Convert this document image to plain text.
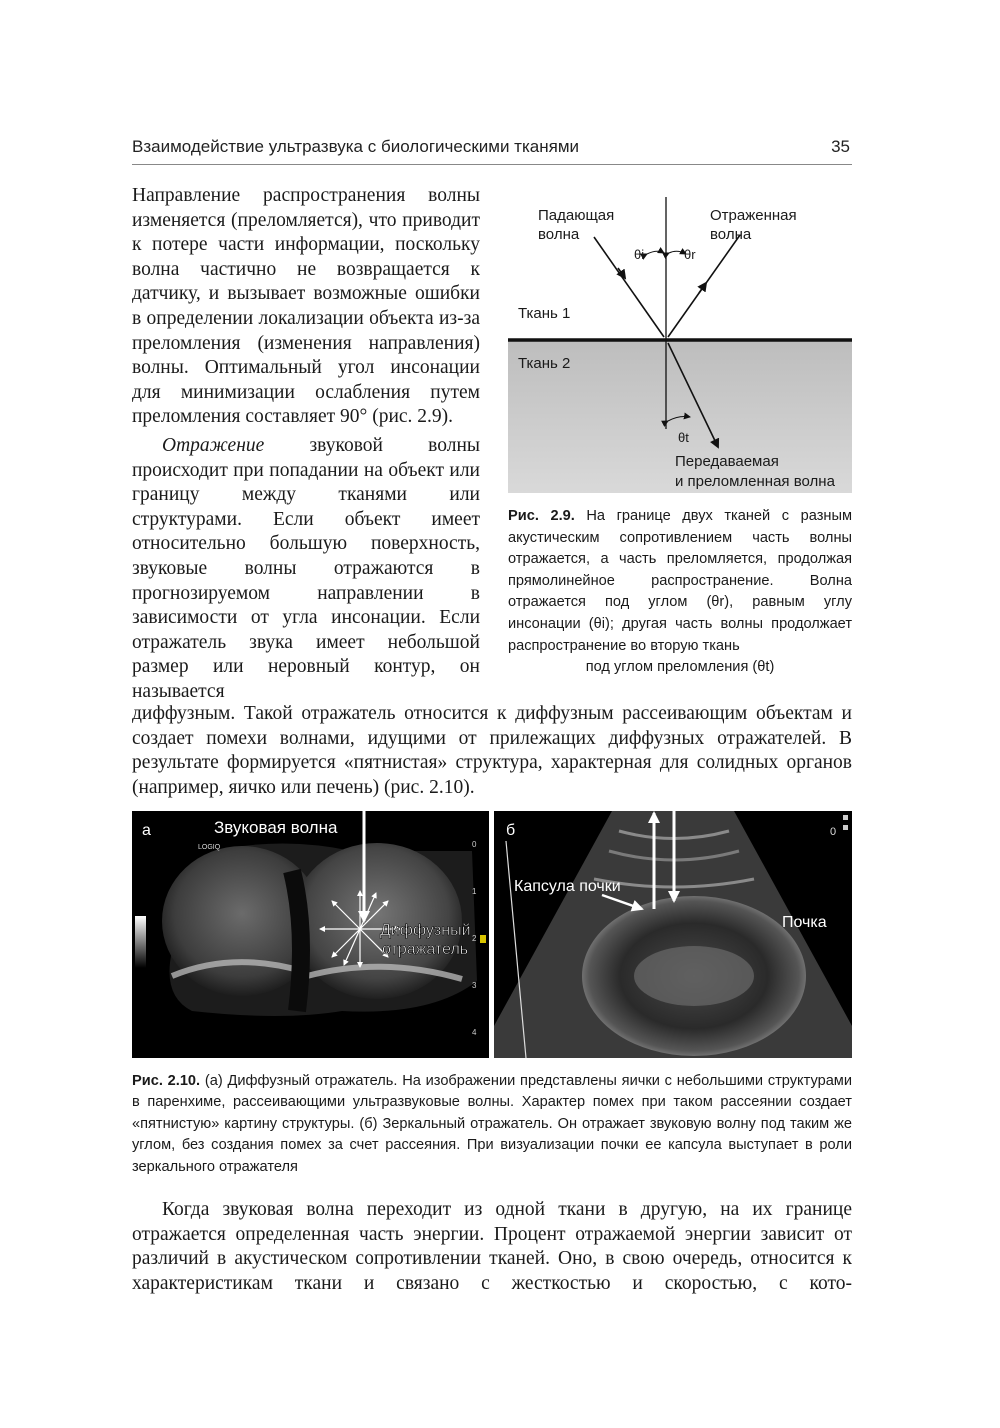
Взаимодействие ультразвука с биологическими тканями	35

Направление распространения волны изменяется (преломляется), что приводит к потере части информации, поскольку волна частично не возвращается к датчику, и вызывает возможные ошибки в определении локализации объекта из-за преломления (изменения направления) волны. Оптимальный угол инсонации для минимизации ослабления путем преломления составляет 90° (рис. 2.9).

Отражение звуковой волны происходит при попадании на объект или границу между тканями или структурами. Если объект имеет относительно большую поверхность, звуковые волны отражаются в прогнозируемом направлении в зависимости от угла инсонации. Если отражатель звука имеет небольшой размер или неровный контур, он называется

Падающая
волна
Отраженная
волна
θi	θr
Ткань 1
Ткань 2
θt
Передаваемая
и преломленная волна
Рис. 2.9. На границе двух тканей с разным акустическим сопротивлением часть волны отражается, а часть преломляется, продолжая прямолинейное распространение. Волна отражается под углом (θr), равным углу инсонации (θi); другая часть волны продолжает распространение во вторую ткань
под углом преломления (θt)

диффузным. Такой отражатель относится к диффузным рассеивающим объектам и создает помехи волнами, идущими от прилежащих диффузных отражателей. В результате формируется «пятнистая» структура, характерная для солидных органов (например, яичко или печень) (рис. 2.10).

а	Звуковая волна
LOGIQ
Диффузный
отражатель
0
1
2
3
4
б
Капсула почки
Почка
0
Рис. 2.10. (а) Диффузный отражатель. На изображении представлены яички с небольшими структурами в паренхиме, рассеивающими ультразвуковые волны. Характер помех при таком рассеянии создает «пятнистую» картину структуры. (б) Зеркальный отражатель. Он отражает звуковую волну под таким же углом, без создания помех за счет рассеяния. При визуализации почки ее капсула выступает в роли зеркального отражателя

Когда звуковая волна переходит из одной ткани в другую, на их границе отражается определенная часть энергии. Процент отражаемой энергии зависит от различий в акустическом сопротивлении тканей. Оно, в свою очередь, относится к характеристикам ткани и связано с жесткостью и скоростью, с кото-
